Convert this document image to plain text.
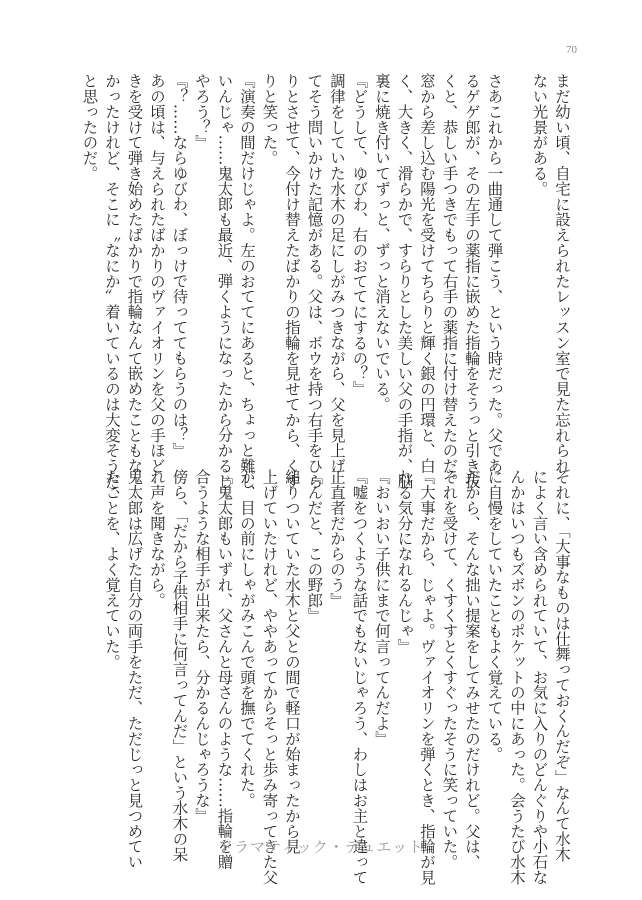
70
まだ幼い頃、自宅に設えられたレッスン室で見た忘れられ
ない光景がある。

さあこれから一曲通して弾こう、という時だった。父であ
るゲゲ郎が、その左手の薬指に嵌めた指輪をそうっと引き抜
くと、恭しい手つきでもって右手の薬指に付け替えたのだ。
窓から差し込む陽光を受けてちらりと輝く銀の円環と、白
く、大きく、滑らかで、すらりとした美しい父の手指が、脳
裏に焼き付いてずっと、ずっと消えないでいる。
『どうして、ゆびわ、右のおててにするの？』
調律をしていた水木の足にしがみつきながら、父を見上げ
てそう問いかけた記憶がある。父は、ボウを持つ右手をひら
りとさせて、今付け替えたばかりの指輪を見せてから、くす
りと笑った。
『演奏の間だけじゃよ。左のおててにあると、ちょっと難し
いんじゃ……鬼太郎も最近、弾くようになったから分かるじ
やろう？』
『？……ならゆびわ、ぼっけで待っててもらうのは？』
あの頃は、与えられたばかりのヴァイオリンを父の手ほど
きを受けて弾き始めたばかりで指輪なんて嵌めたこともな
かったけれど、そこに〝なにか〟着いているのは大変そうだ、
と思ったのだ。
それに、「大事なものは仕舞っておくんだぞ」なんて水木
によく言い含められていて、お気に入りのどんぐりや小石な
んかはいつもズボンのポケットの中にあった。会うたび水木
に自慢をしていたこともよく覚えている。
だから、そんな拙い提案をしてみせたのだけれど。父は、
それを受けて、くすくすとくすぐったそうに笑っていた。
『大事だから、じゃよ。ヴァイオリンを弾くとき、指輪が見
れる気分になれるんじゃ』
『おいおい子供にまで何言ってんだよ』
『嘘をつくような話でもないじゃろう、わしはお主と違って
正直者だからのう』
『んだと、この野郎』
縋りついていた水木と父との間で軽口が始まったから見
上げていたけれど、ややあってからそっと歩み寄ってきた父
が、目の前にしゃがみこんで頭を撫でてくれた。
『鬼太郎もいずれ、父さんと母さんのような……指輪を贈
合うような相手が出来たら、分かるんじゃろうな』
傍ら、「だから子供相手に何言ってんだ」という水木の呆
れ声を聞きながら。
鬼太郎は広げた自分の両手をただ、ただじっと見つめてい
たことを、よく覚えていた。
ドラマティック・デュエット
